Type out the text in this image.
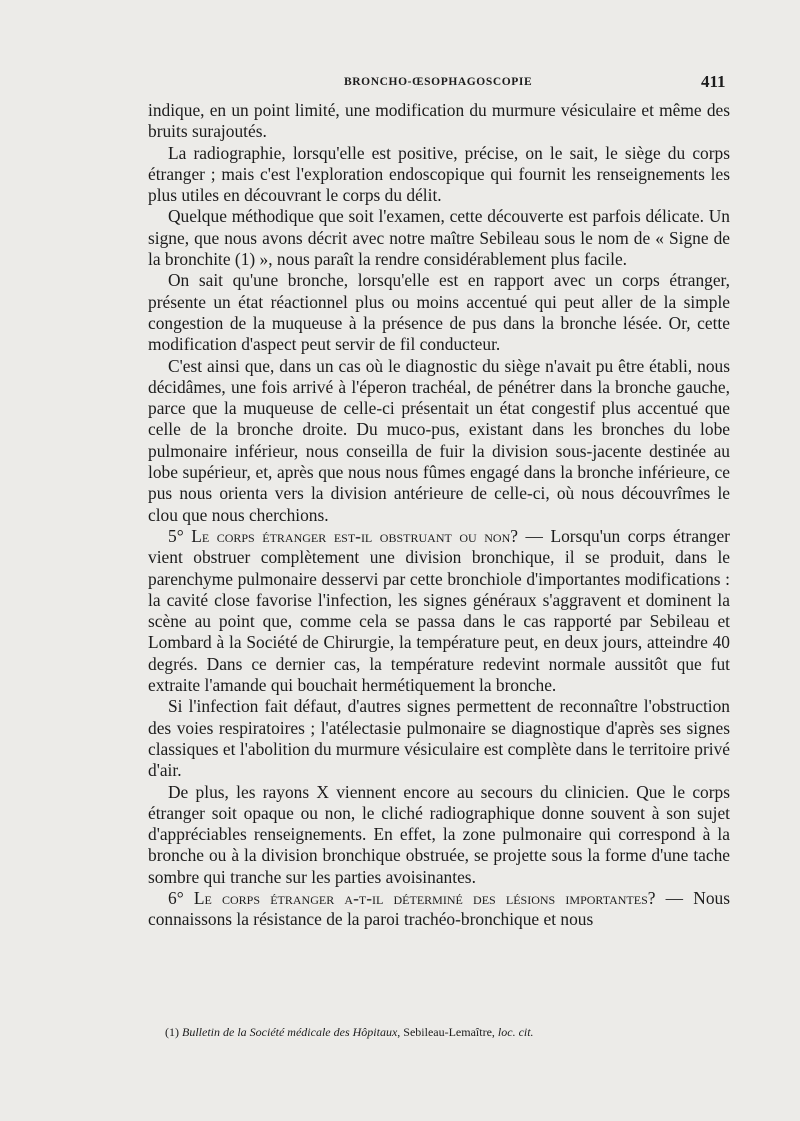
BRONCHO-ŒSOPHAGOSCOPIE	411

indique, en un point limité, une modification du murmure vésiculaire et même des bruits surajoutés.

La radiographie, lorsqu'elle est positive, précise, on le sait, le siège du corps étranger ; mais c'est l'exploration endoscopique qui fournit les renseignements les plus utiles en découvrant le corps du délit.

Quelque méthodique que soit l'examen, cette découverte est parfois délicate. Un signe, que nous avons décrit avec notre maître Sebileau sous le nom de « Signe de la bronchite (1) », nous paraît la rendre considérablement plus facile.

On sait qu'une bronche, lorsqu'elle est en rapport avec un corps étranger, présente un état réactionnel plus ou moins accentué qui peut aller de la simple congestion de la muqueuse à la présence de pus dans la bronche lésée. Or, cette modification d'aspect peut servir de fil conducteur.

C'est ainsi que, dans un cas où le diagnostic du siège n'avait pu être établi, nous décidâmes, une fois arrivé à l'éperon trachéal, de pénétrer dans la bronche gauche, parce que la muqueuse de celle-ci présentait un état congestif plus accentué que celle de la bronche droite. Du muco-pus, existant dans les bronches du lobe pulmonaire inférieur, nous conseilla de fuir la division sous-jacente destinée au lobe supérieur, et, après que nous nous fûmes engagé dans la bronche inférieure, ce pus nous orienta vers la division antérieure de celle-ci, où nous découvrîmes le clou que nous cherchions.

5° Le corps étranger est-il obstruant ou non? — Lorsqu'un corps étranger vient obstruer complètement une division bronchique, il se produit, dans le parenchyme pulmonaire desservi par cette bronchiole d'importantes modifications : la cavité close favorise l'infection, les signes généraux s'aggravent et dominent la scène au point que, comme cela se passa dans le cas rapporté par Sebileau et Lombard à la Société de Chirurgie, la température peut, en deux jours, atteindre 40 degrés. Dans ce dernier cas, la température redevint normale aussitôt que fut extraite l'amande qui bouchait hermétiquement la bronche.

Si l'infection fait défaut, d'autres signes permettent de reconnaître l'obstruction des voies respiratoires ; l'atélectasie pulmonaire se diagnostique d'après ses signes classiques et l'abolition du murmure vésiculaire est complète dans le territoire privé d'air.

De plus, les rayons X viennent encore au secours du clinicien. Que le corps étranger soit opaque ou non, le cliché radiographique donne souvent à son sujet d'appréciables renseignements. En effet, la zone pulmonaire qui correspond à la bronche ou à la division bronchique obstruée, se projette sous la forme d'une tache sombre qui tranche sur les parties avoisinantes.

6° Le corps étranger a-t-il déterminé des lésions importantes? — Nous connaissons la résistance de la paroi trachéo-bronchique et nous

(1) Bulletin de la Société médicale des Hôpitaux, Sebileau-Lemaître, loc. cit.
